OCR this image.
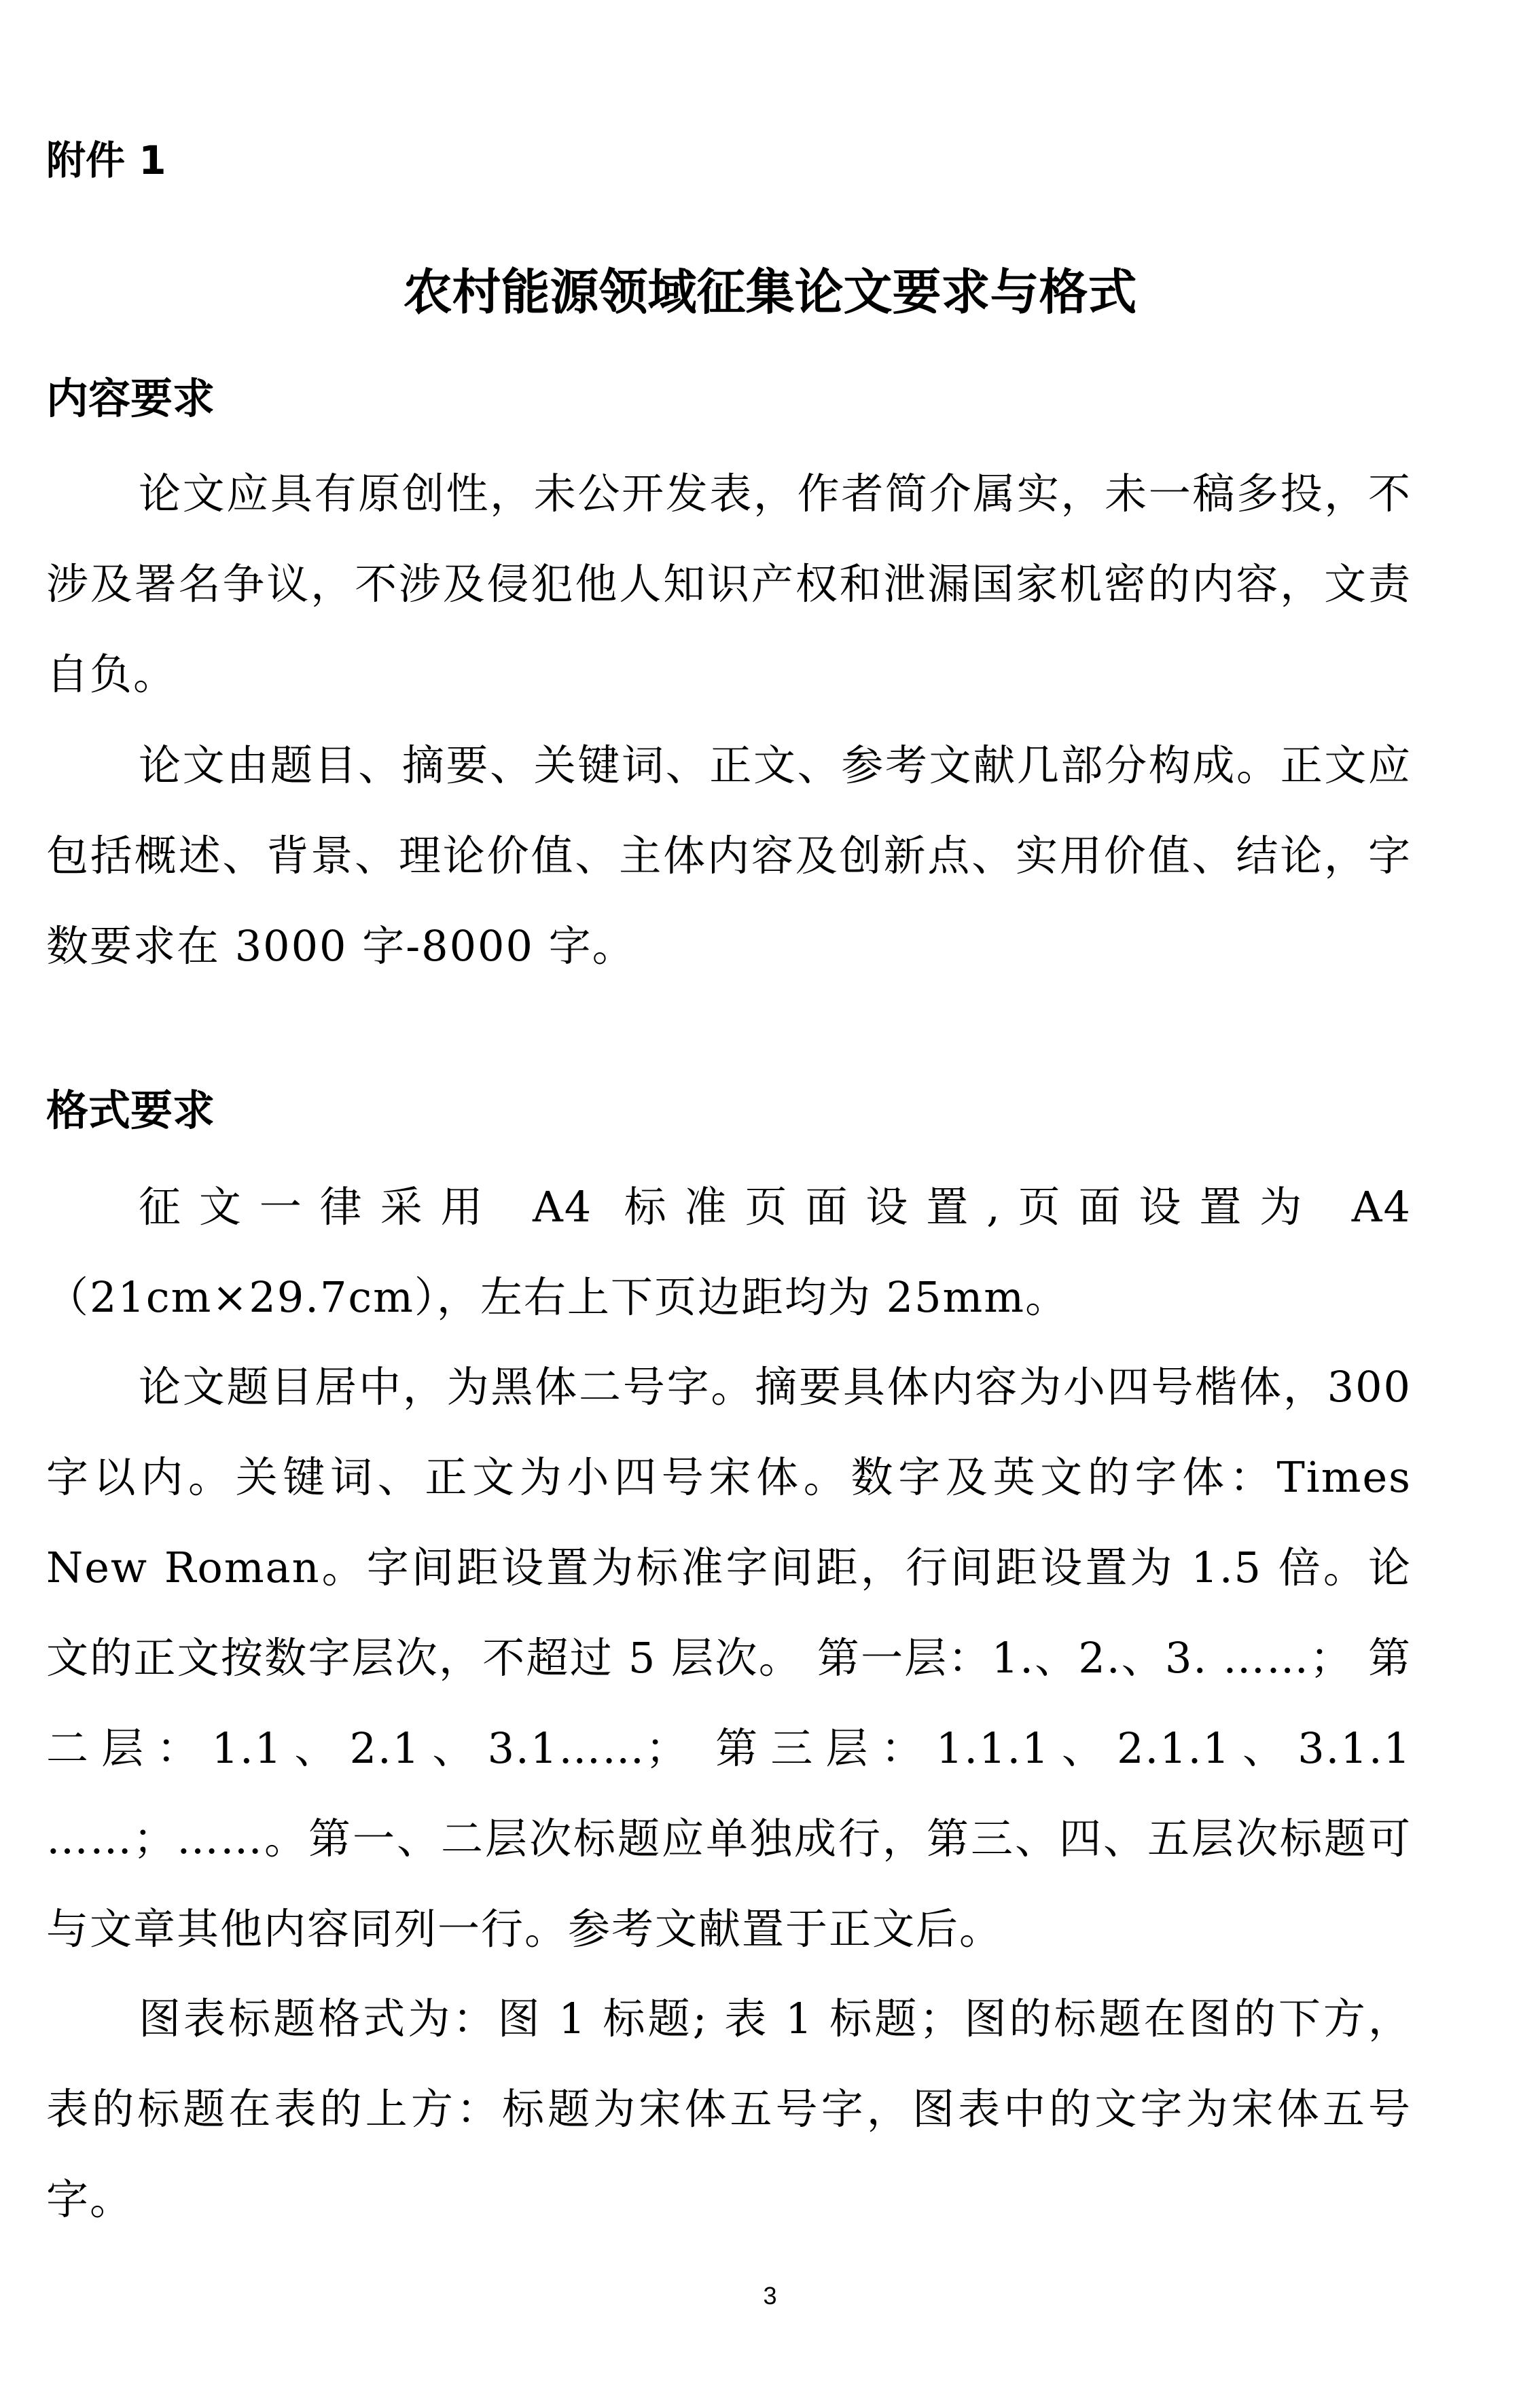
附件 1
农村能源领域征集论文要求与格式
内容要求

论文应具有原创性，未公开发表，作者简介属实，未一稿多投，不涉及署名争议，不涉及侵犯他人知识产权和泄漏国家机密的内容，文责自负。

论文由题目、摘要、关键词、正文、参考文献几部分构成。正文应包括概述、背景、理论价值、主体内容及创新点、实用价值、结论，字数要求在 3000 字-8000 字。

格式要求

征文一律采用 A4 标准页面设置,页面设置为 A4（21cm×29.7cm），左右上下页边距均为 25mm。

论文题目居中，为黑体二号字。摘要具体内容为小四号楷体，300 字以内。关键词、正文为小四号宋体。数字及英文的字体：Times New Roman。字间距设置为标准字间距，行间距设置为 1.5 倍。论文的正文按数字层次，不超过 5 层次。 第一层：1.、2.、3. ……； 第二层：1.1、2.1、3.1……； 第三层：1.1.1、2.1.1、3.1.1 ……；……。第一、二层次标题应单独成行，第三、四、五层次标题可与文章其他内容同列一行。参考文献置于正文后。

图表标题格式为：图 1 标题; 表 1 标题；图的标题在图的下方，表的标题在表的上方：标题为宋体五号字，图表中的文字为宋体五号字。

3
